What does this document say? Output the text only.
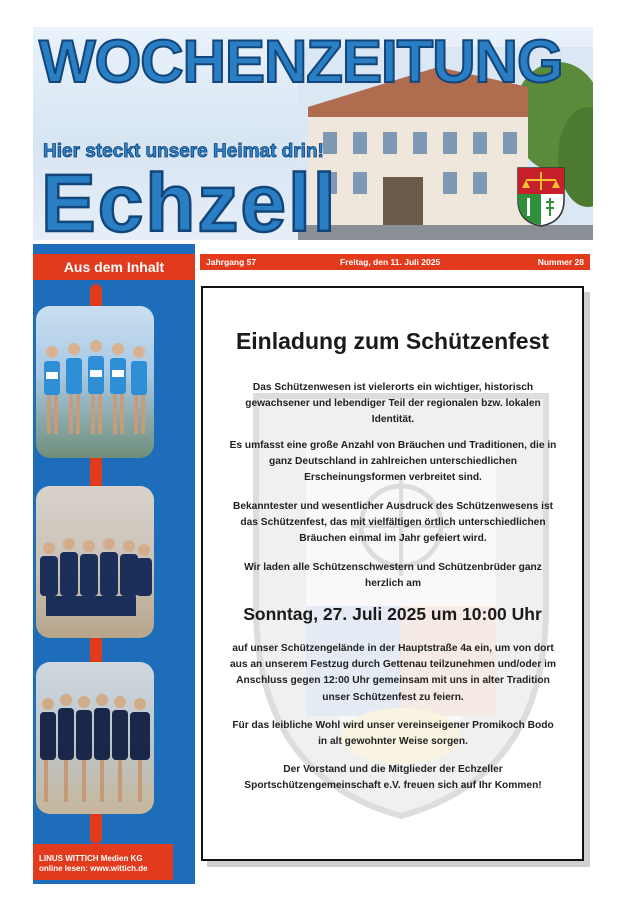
WOCHENZEITUNG
Hier steckt unsere Heimat drin!
Echzell
Jahrgang 57	Freitag, den 11. Juli 2025	Nummer 28
Aus dem Inhalt
LINUS WITTICH Medien KG
online lesen: www.wittich.de
Einladung zum Schützenfest
Das Schützenwesen ist vielerorts ein wichtiger, historisch gewachsener und lebendiger Teil der regionalen bzw. lokalen Identität.
Es umfasst eine große Anzahl von Bräuchen und Traditionen, die in ganz Deutschland in zahlreichen unterschiedlichen Erscheinungsformen verbreitet sind.
Bekanntester und wesentlicher Ausdruck des Schützenwesens ist das Schützenfest, das mit vielfältigen örtlich unterschiedlichen Bräuchen einmal im Jahr gefeiert wird.
Wir laden alle Schützenschwestern und Schützenbrüder ganz herzlich am
Sonntag, 27. Juli 2025 um 10:00 Uhr
auf unser Schützengelände in der Hauptstraße 4a ein, um von dort aus an unserem Festzug durch Gettenau teilzunehmen und/oder im Anschluss gegen 12:00 Uhr gemeinsam mit uns in alter Tradition unser Schützenfest zu feiern.
Für das leibliche Wohl wird unser vereinseigener Promikoch Bodo in alt gewohnter Weise sorgen.
Der Vorstand und die Mitglieder der Echzeller Sportschützengemeinschaft e.V. freuen sich auf Ihr Kommen!
